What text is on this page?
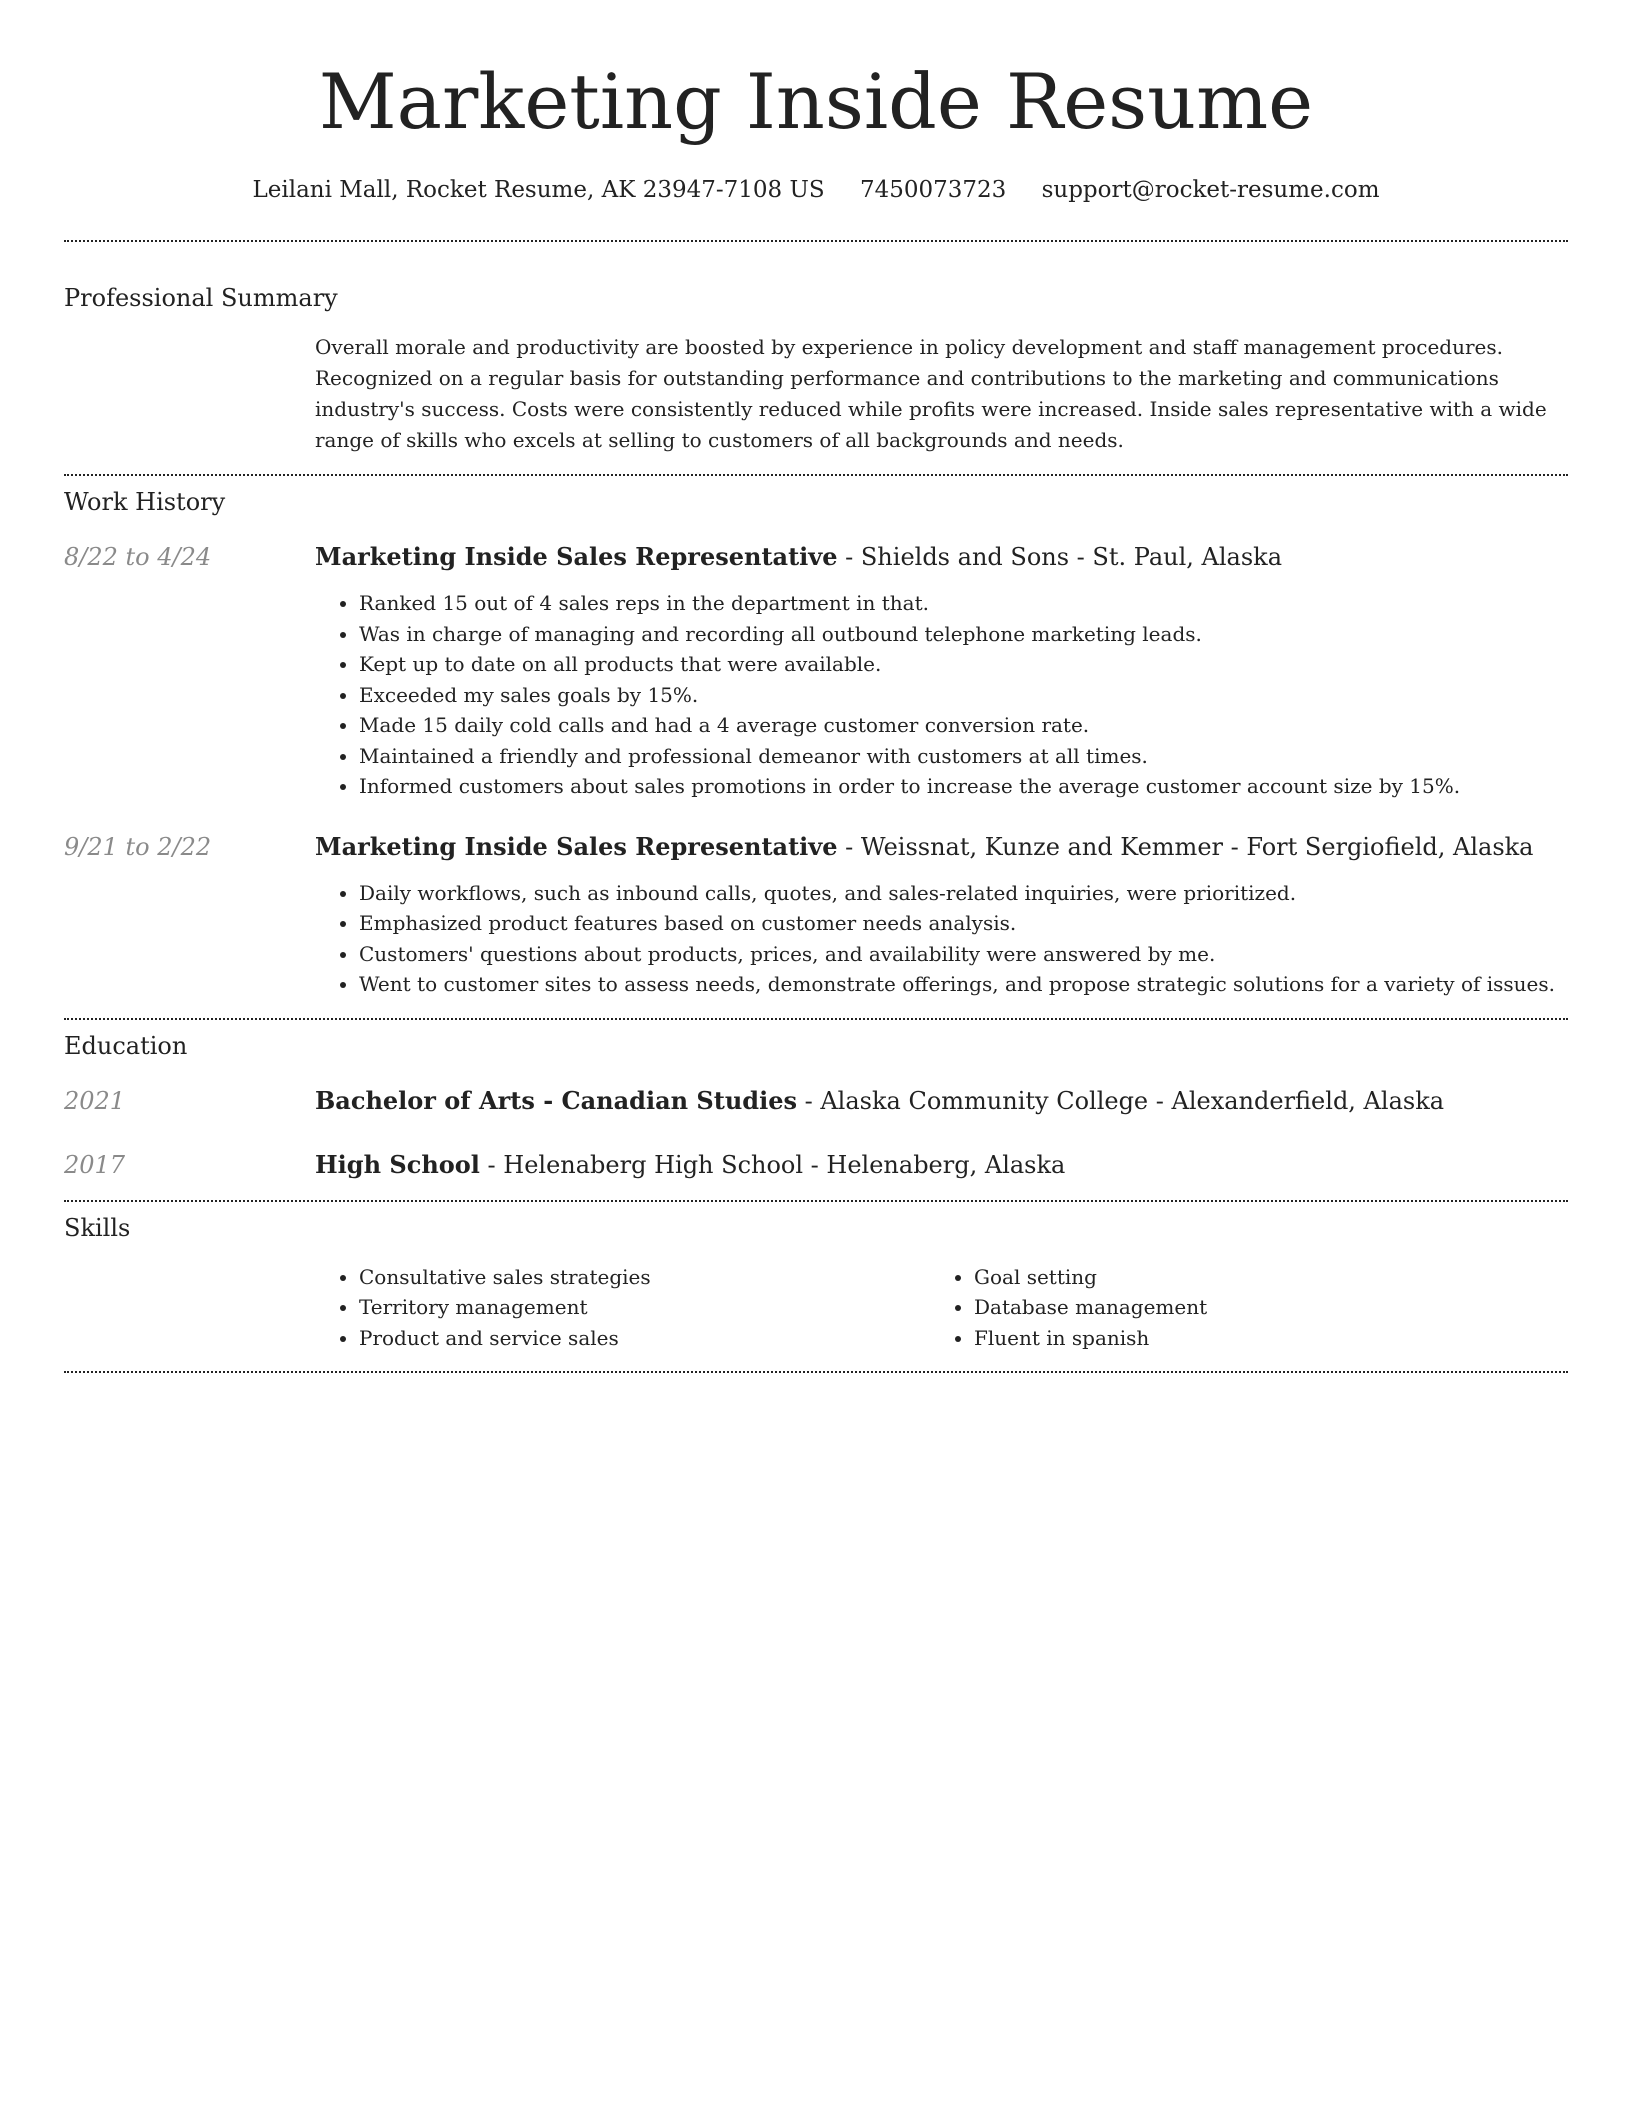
Marketing Inside Resume
Leilani Mall, Rocket Resume, AK 23947-7108 US 7450073723 support@rocket-resume.com
Professional Summary
Overall morale and productivity are boosted by experience in policy development and staff management procedures. Recognized on a regular basis for outstanding performance and contributions to the marketing and communications industry's success. Costs were consistently reduced while profits were increased. Inside sales representative with a wide range of skills who excels at selling to customers of all backgrounds and needs.
Work History
8/22 to 4/24	Marketing Inside Sales Representative - Shields and Sons - St. Paul, Alaska
• Ranked 15 out of 4 sales reps in the department in that.
• Was in charge of managing and recording all outbound telephone marketing leads.
• Kept up to date on all products that were available.
• Exceeded my sales goals by 15%.
• Made 15 daily cold calls and had a 4 average customer conversion rate.
• Maintained a friendly and professional demeanor with customers at all times.
• Informed customers about sales promotions in order to increase the average customer account size by 15%.
9/21 to 2/22	Marketing Inside Sales Representative - Weissnat, Kunze and Kemmer - Fort Sergiofield, Alaska
• Daily workflows, such as inbound calls, quotes, and sales-related inquiries, were prioritized.
• Emphasized product features based on customer needs analysis.
• Customers' questions about products, prices, and availability were answered by me.
• Went to customer sites to assess needs, demonstrate offerings, and propose strategic solutions for a variety of issues.
Education
2021	Bachelor of Arts - Canadian Studies - Alaska Community College - Alexanderfield, Alaska
2017	High School - Helenaberg High School - Helenaberg, Alaska
Skills
• Consultative sales strategies
• Territory management
• Product and service sales
• Goal setting
• Database management
• Fluent in spanish
